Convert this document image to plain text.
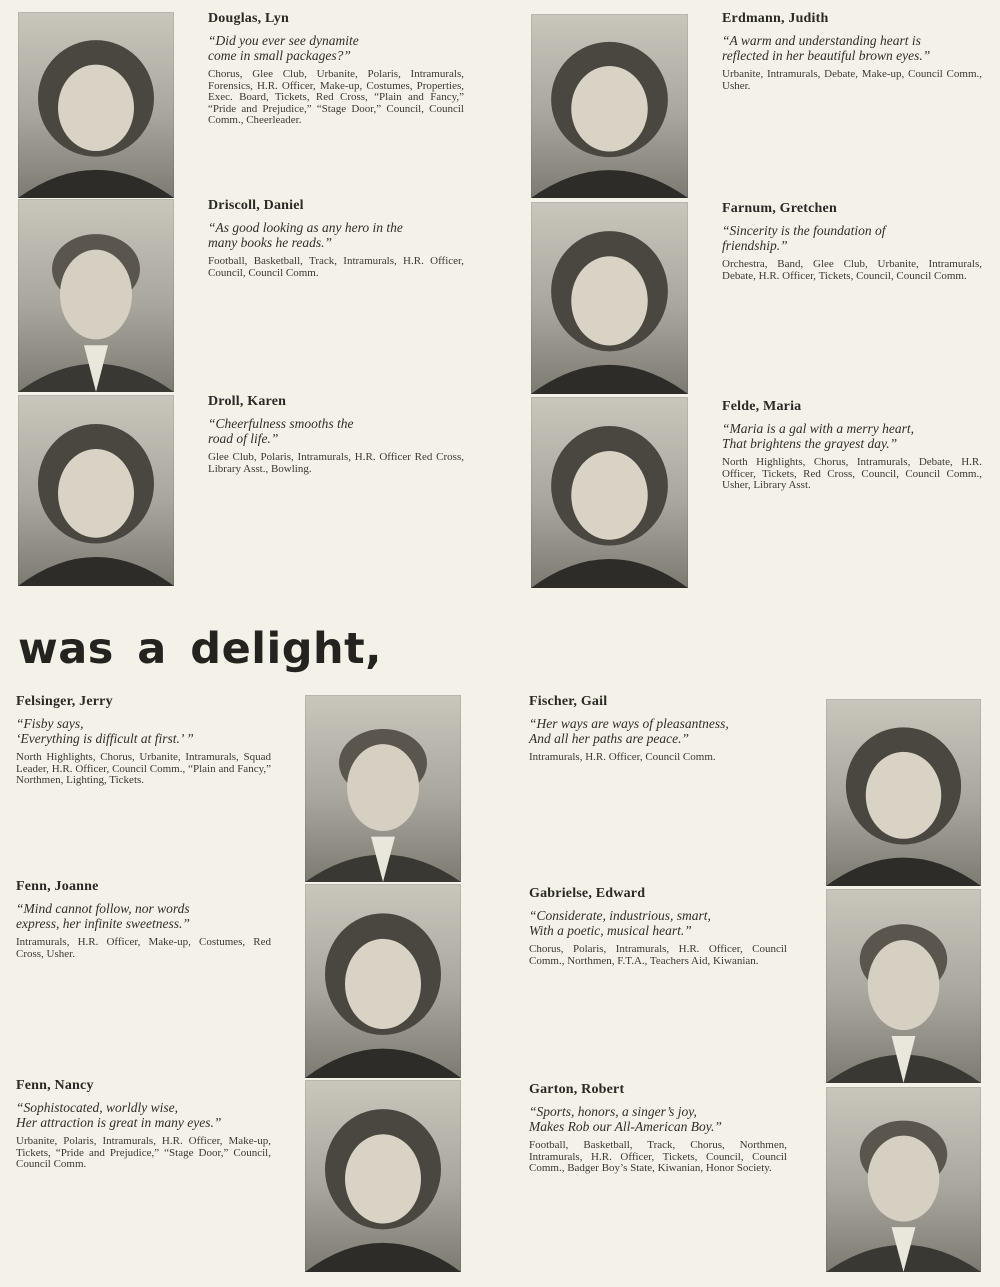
Douglas, Lyn

“Did you ever see dynamite
come in small packages?”

Chorus, Glee Club, Urbanite, Polaris, Intramurals, Forensics, H.R. Officer, Make-up, Costumes, Properties, Exec. Board, Tickets, Red Cross, “Plain and Fancy,” “Pride and Prejudice,” “Stage Door,” Council, Council Comm., Cheerleader.

Driscoll, Daniel

“As good looking as any hero in the
many books he reads.”

Football, Basketball, Track, Intramurals, H.R. Officer, Council, Council Comm.

Droll, Karen

“Cheerfulness smooths the
road of life.”

Glee Club, Polaris, Intramurals, H.R. Officer Red Cross, Library Asst., Bowling.

Erdmann, Judith

“A warm and understanding heart is
reflected in her beautiful brown eyes.”

Urbanite, Intramurals, Debate, Make-up, Council Comm., Usher.

Farnum, Gretchen

“Sincerity is the foundation of
friendship.”

Orchestra, Band, Glee Club, Urbanite, Intramurals, Debate, H.R. Officer, Tickets, Council, Council Comm.

Felde, Maria

“Maria is a gal with a merry heart,
That brightens the grayest day.”

North Highlights, Chorus, Intramurals, Debate, H.R. Officer, Tickets, Red Cross, Council, Council Comm., Usher, Library Asst.

was a delight,

Felsinger, Jerry

“Fisby says,
‘Everything is difficult at first.’ ”

North Highlights, Chorus, Urbanite, Intramurals, Squad Leader, H.R. Officer, Council Comm., “Plain and Fancy,” Northmen, Lighting, Tickets.

Fenn, Joanne

“Mind cannot follow, nor words
express, her infinite sweetness.”

Intramurals, H.R. Officer, Make-up, Costumes, Red Cross, Usher.

Fenn, Nancy

“Sophistocated, worldly wise,
Her attraction is great in many eyes.”

Urbanite, Polaris, Intramurals, H.R. Officer, Make-up, Tickets, “Pride and Prejudice,” “Stage Door,” Council, Council Comm.

Fischer, Gail

“Her ways are ways of pleasantness,
And all her paths are peace.”

Intramurals, H.R. Officer, Council Comm.

Gabrielse, Edward

“Considerate, industrious, smart,
With a poetic, musical heart.”

Chorus, Polaris, Intramurals, H.R. Officer, Council Comm., Northmen, F.T.A., Teachers Aid, Kiwanian.

Garton, Robert

“Sports, honors, a singer’s joy,
Makes Rob our All-American Boy.”

Football, Basketball, Track, Chorus, Northmen, Intramurals, H.R. Officer, Tickets, Council, Council Comm., Badger Boy’s State, Kiwanian, Honor Society.
